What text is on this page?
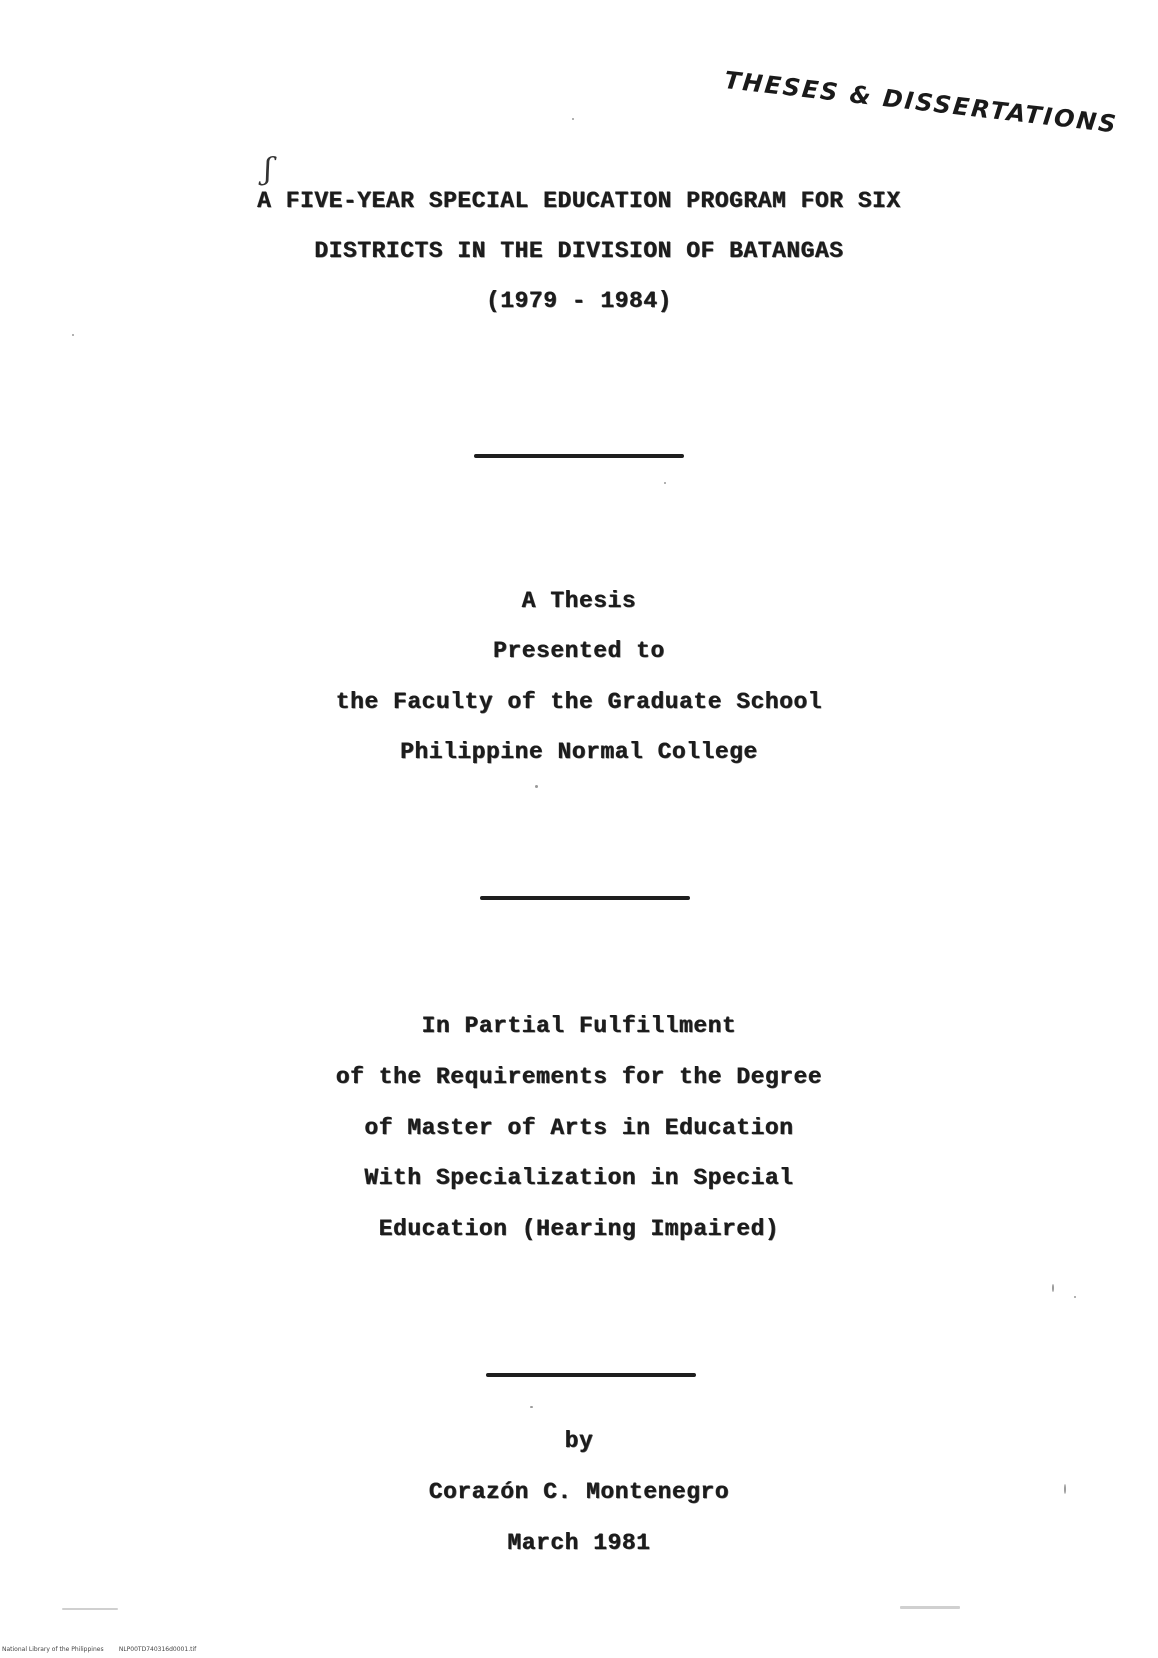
THESES & DISSERTATIONS
ʃ
A FIVE-YEAR SPECIAL EDUCATION PROGRAM FOR SIX
DISTRICTS IN THE DIVISION OF BATANGAS
(1979 - 1984)
A Thesis
Presented to
the Faculty of the Graduate School
Philippine Normal College
In Partial Fulfillment
of the Requirements for the Degree
of Master of Arts in Education
With Specialization in Special
Education (Hearing Impaired)
by
Corazón C. Montenegro
March 1981
National Library of the Philippines	NLP00TD740316d0001.tif
